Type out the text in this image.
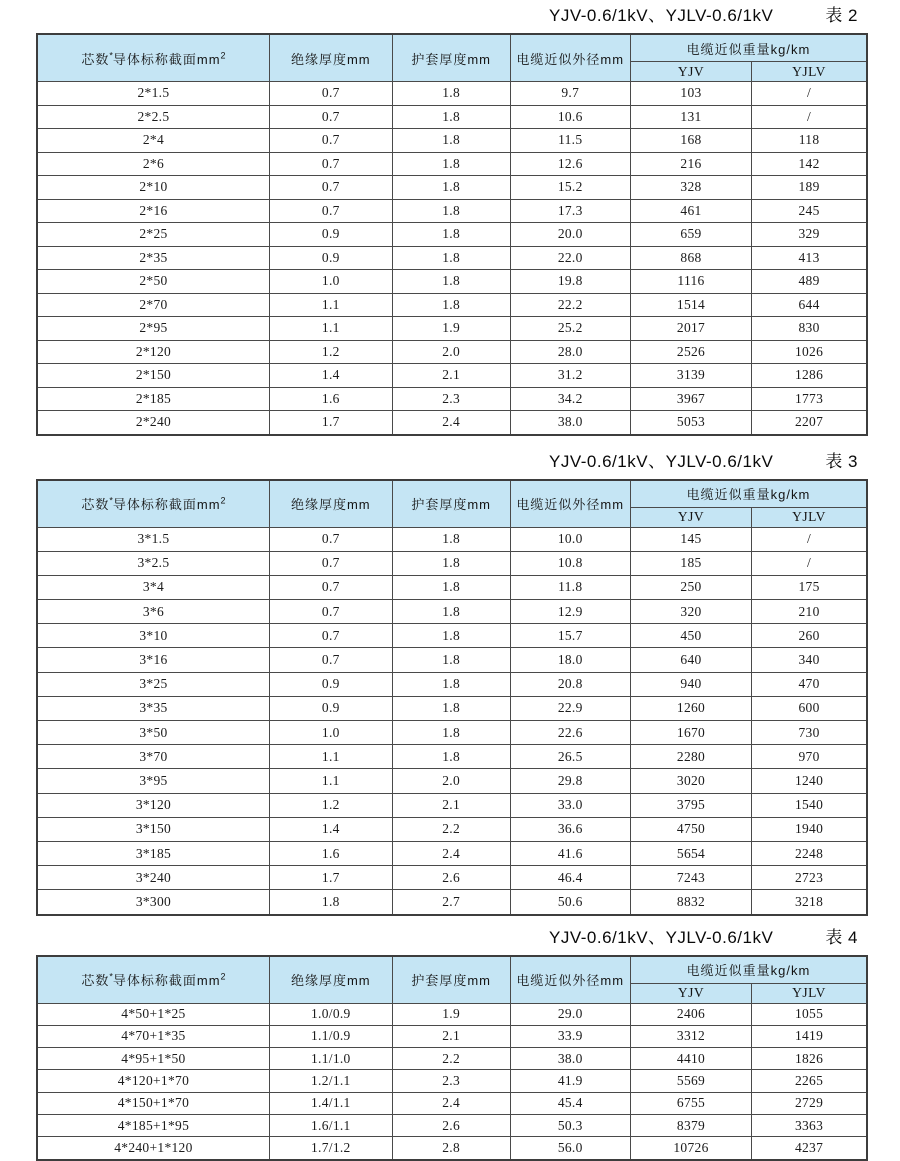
YJV-0.6/1kV、YJLV-0.6/1kV	表 2
芯数*导体标称截面$mm^2$	绝缘厚度mm	护套厚度mm	电缆近似外径mm	电缆近似重量kg/km	
				YJV	YJLV
2*1.5	0.7	1.8	9.7	103	/
2*2.5	0.7	1.8	10.6	131	/
2*4	0.7	1.8	11.5	168	118
2*6	0.7	1.8	12.6	216	142
2*10	0.7	1.8	15.2	328	189
2*16	0.7	1.8	17.3	461	245
2*25	0.9	1.8	20.0	659	329
2*35	0.9	1.8	22.0	868	413
2*50	1.0	1.8	19.8	1116	489
2*70	1.1	1.8	22.2	1514	644
2*95	1.1	1.9	25.2	2017	830
2*120	1.2	2.0	28.0	2526	1026
2*150	1.4	2.1	31.2	3139	1286
2*185	1.6	2.3	34.2	3967	1773
2*240	1.7	2.4	38.0	5053	2207
YJV-0.6/1kV、YJLV-0.6/1kV	表 3
芯数*导体标称截面$mm^2$	绝缘厚度mm	护套厚度mm	电缆近似外径mm	电缆近似重量kg/km	
				YJV	YJLV
3*1.5	0.7	1.8	10.0	145	/
3*2.5	0.7	1.8	10.8	185	/
3*4	0.7	1.8	11.8	250	175
3*6	0.7	1.8	12.9	320	210
3*10	0.7	1.8	15.7	450	260
3*16	0.7	1.8	18.0	640	340
3*25	0.9	1.8	20.8	940	470
3*35	0.9	1.8	22.9	1260	600
3*50	1.0	1.8	22.6	1670	730
3*70	1.1	1.8	26.5	2280	970
3*95	1.1	2.0	29.8	3020	1240
3*120	1.2	2.1	33.0	3795	1540
3*150	1.4	2.2	36.6	4750	1940
3*185	1.6	2.4	41.6	5654	2248
3*240	1.7	2.6	46.4	7243	2723
3*300	1.8	2.7	50.6	8832	3218
YJV-0.6/1kV、YJLV-0.6/1kV	表 4
芯数*导体标称截面$mm^2$	绝缘厚度mm	护套厚度mm	电缆近似外径mm	电缆近似重量kg/km	
				YJV	YJLV
4*50+1*25	1.0/0.9	1.9	29.0	2406	1055
4*70+1*35	1.1/0.9	2.1	33.9	3312	1419
4*95+1*50	1.1/1.0	2.2	38.0	4410	1826
4*120+1*70	1.2/1.1	2.3	41.9	5569	2265
4*150+1*70	1.4/1.1	2.4	45.4	6755	2729
4*185+1*95	1.6/1.1	2.6	50.3	8379	3363
4*240+1*120	1.7/1.2	2.8	56.0	10726	4237
